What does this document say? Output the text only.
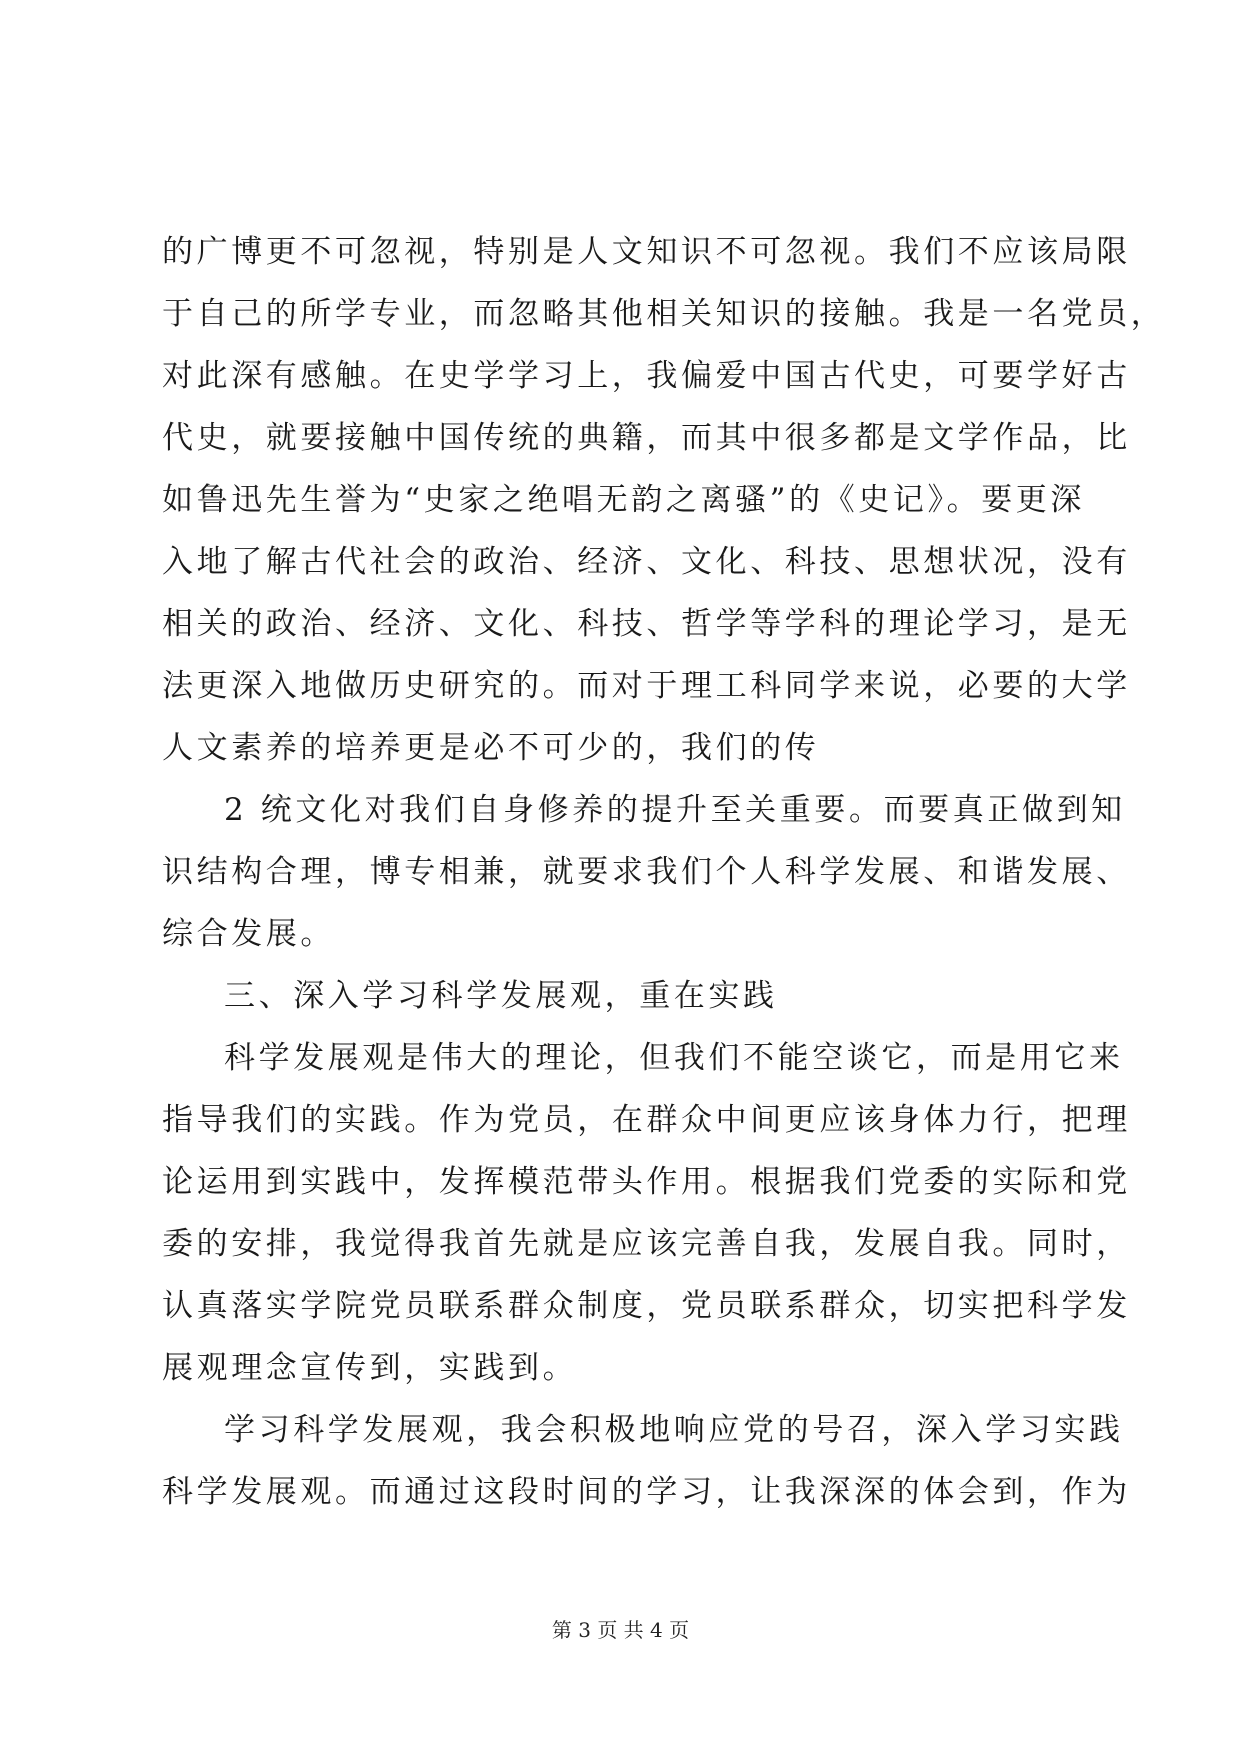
的广博更不可忽视，特别是人文知识不可忽视。我们不应该局限
于自己的所学专业，而忽略其他相关知识的接触。我是一名党员，
对此深有感触。在史学学习上，我偏爱中国古代史，可要学好古
代史，就要接触中国传统的典籍，而其中很多都是文学作品，比
如鲁迅先生誉为“史家之绝唱无韵之离骚”的《史记》。要更深
入地了解古代社会的政治、经济、文化、科技、思想状况，没有
相关的政治、经济、文化、科技、哲学等学科的理论学习，是无
法更深入地做历史研究的。而对于理工科同学来说，必要的大学
人文素养的培养更是必不可少的，我们的传
2 统文化对我们自身修养的提升至关重要。而要真正做到知
识结构合理，博专相兼，就要求我们个人科学发展、和谐发展、
综合发展。
三、深入学习科学发展观，重在实践
科学发展观是伟大的理论，但我们不能空谈它，而是用它来
指导我们的实践。作为党员，在群众中间更应该身体力行，把理
论运用到实践中，发挥模范带头作用。根据我们党委的实际和党
委的安排，我觉得我首先就是应该完善自我，发展自我。同时，
认真落实学院党员联系群众制度，党员联系群众，切实把科学发
展观理念宣传到，实践到。
学习科学发展观，我会积极地响应党的号召，深入学习实践
科学发展观。而通过这段时间的学习，让我深深的体会到，作为
第 3 页 共 4 页
